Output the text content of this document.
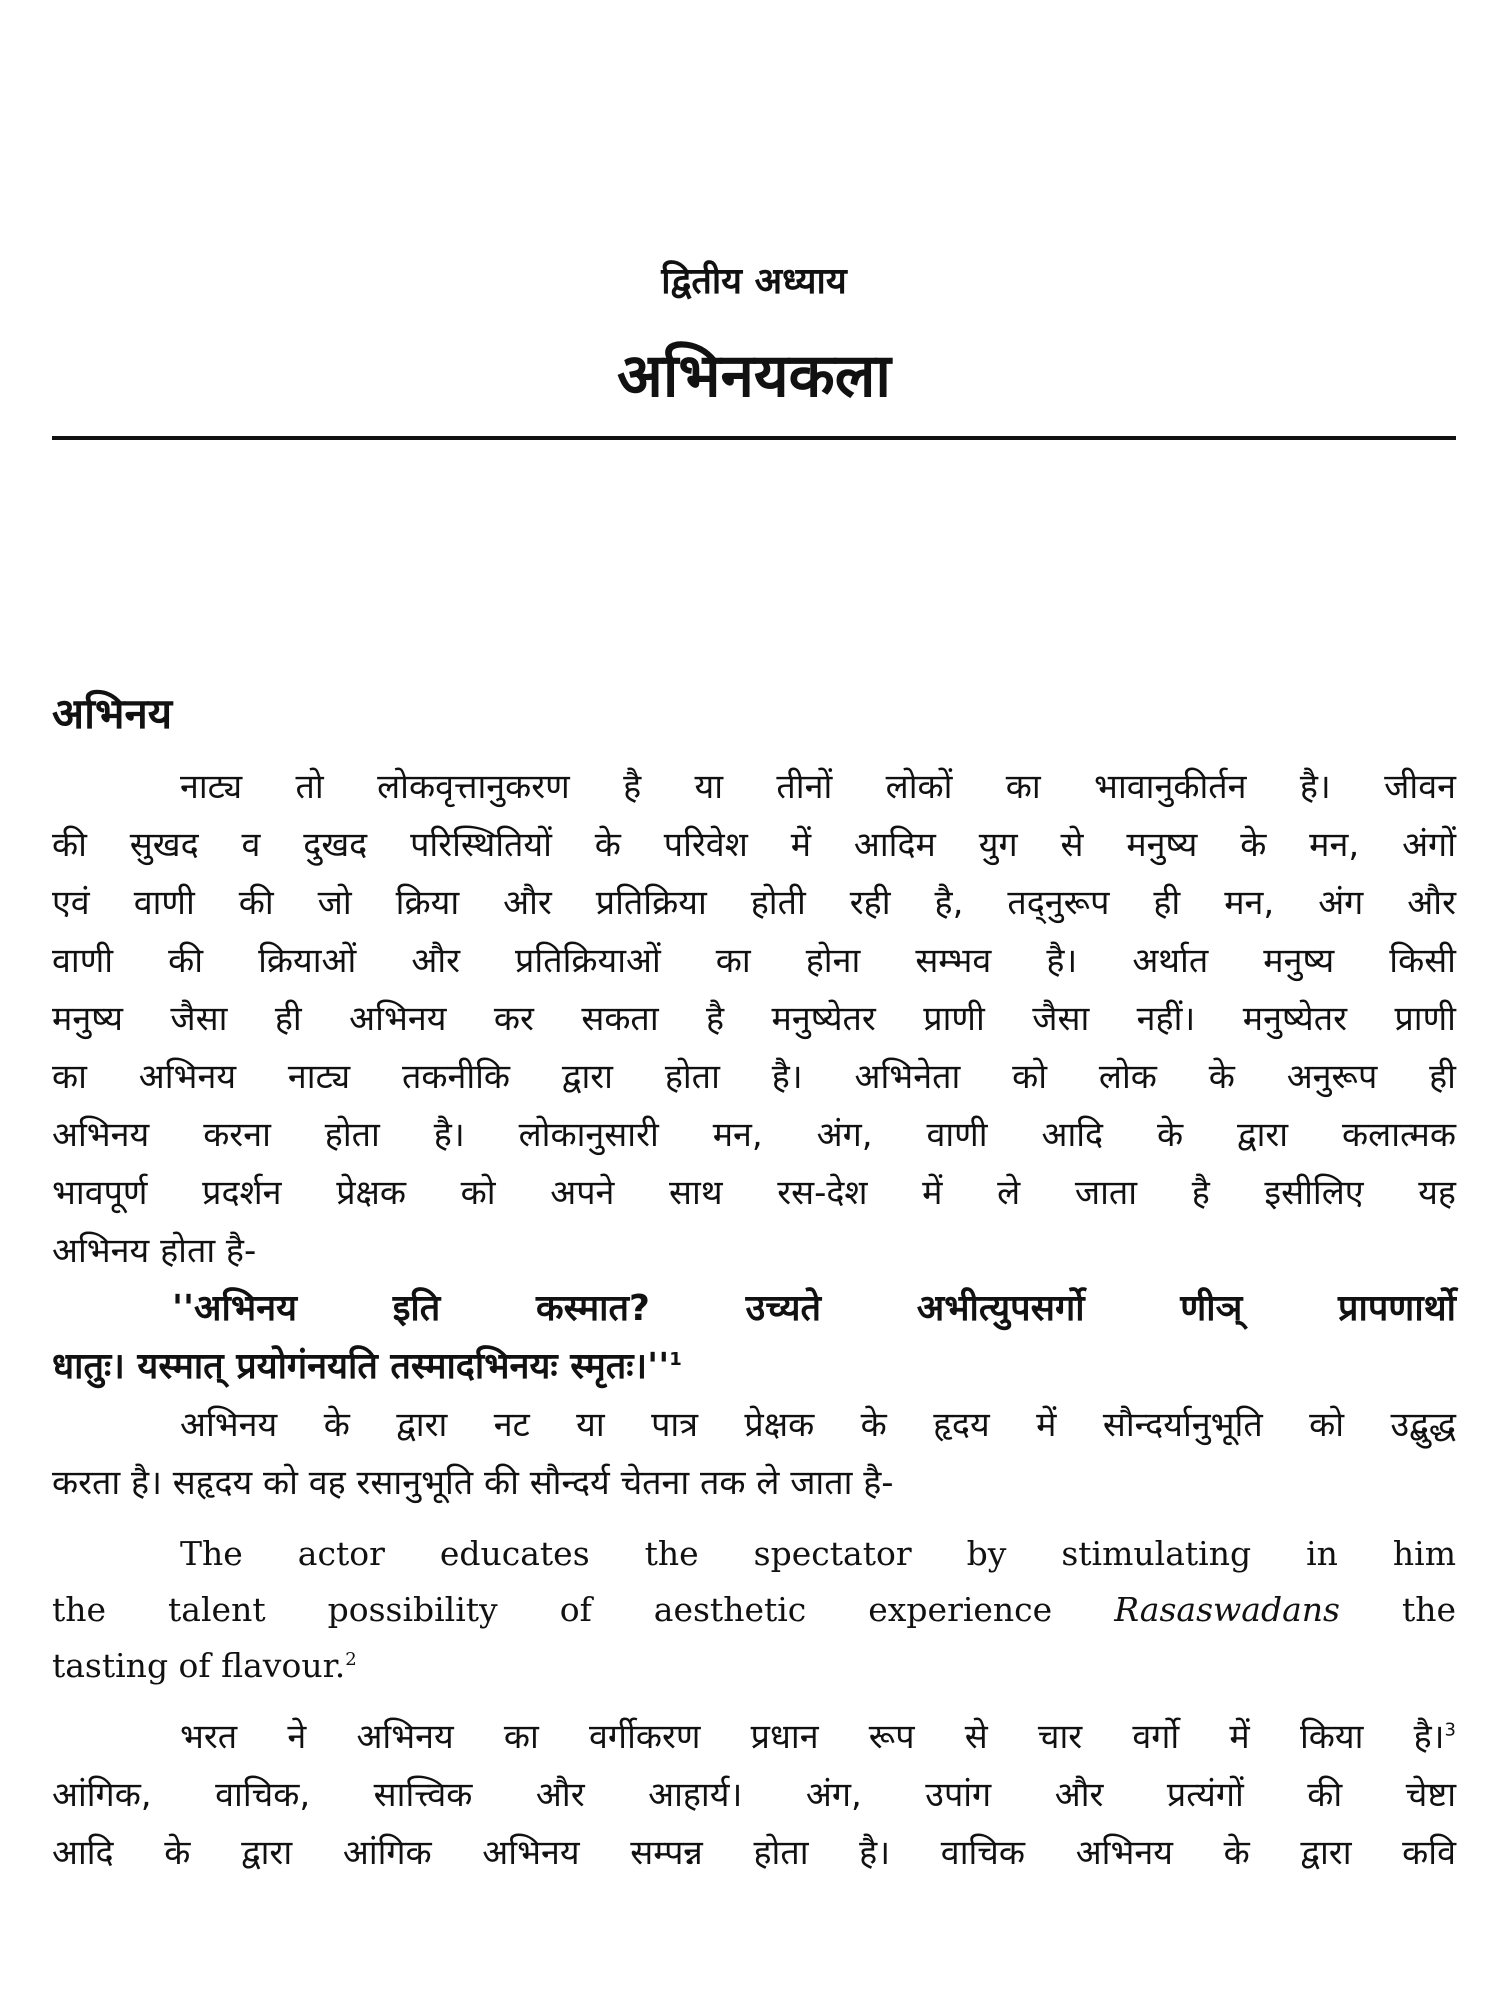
द्वितीय अध्याय
अभिनयकला
अभिनय
नाट्य तो लोकवृत्तानुकरण है या तीनों लोकों का भावानुकीर्तन है। जीवन
की सुखद व दुखद परिस्थितियों के परिवेश में आदिम युग से मनुष्य के मन, अंगों
एवं वाणी की जो क्रिया और प्रतिक्रिया होती रही है, तद्नुरूप ही मन, अंग और
वाणी की क्रियाओं और प्रतिक्रियाओं का होना सम्भव है। अर्थात मनुष्य किसी
मनुष्य जैसा ही अभिनय कर सकता है मनुष्येतर प्राणी जैसा नहीं। मनुष्येतर प्राणी
का अभिनय नाट्य तकनीकि द्वारा होता है। अभिनेता को लोक के अनुरूप ही
अभिनय करना होता है। लोकानुसारी मन, अंग, वाणी आदि के द्वारा कलात्मक
भावपूर्ण प्रदर्शन प्रेक्षक को अपने साथ रस-देश में ले जाता है इसीलिए यह
अभिनय होता है-
''अभिनय इति कस्मात? उच्यते अभीत्युपसर्गो णीञ् प्रापणार्थो
धातुः। यस्मात् प्रयोगंनयति तस्मादभिनयः $स्मृतः।''^1$
अभिनय के द्वारा नट या पात्र प्रेक्षक के हृदय में सौन्दर्यानुभूति को उद्बुद्ध
करता है। सहृदय को वह रसानुभूति की सौन्दर्य चेतना तक ले जाता है-
The actor educates the spectator by stimulating in him
the talent possibility of aesthetic experience Rasaswadans the
tasting of flavour.$^2$
भरत ने अभिनय का वर्गीकरण प्रधान रूप से चार वर्गो में किया है।$^3$
आंगिक, वाचिक, सात्त्विक और आहार्य। अंग, उपांग और प्रत्यंगों की चेष्टा
आदि के द्वारा आंगिक अभिनय सम्पन्न होता है। वाचिक अभिनय के द्वारा कवि
